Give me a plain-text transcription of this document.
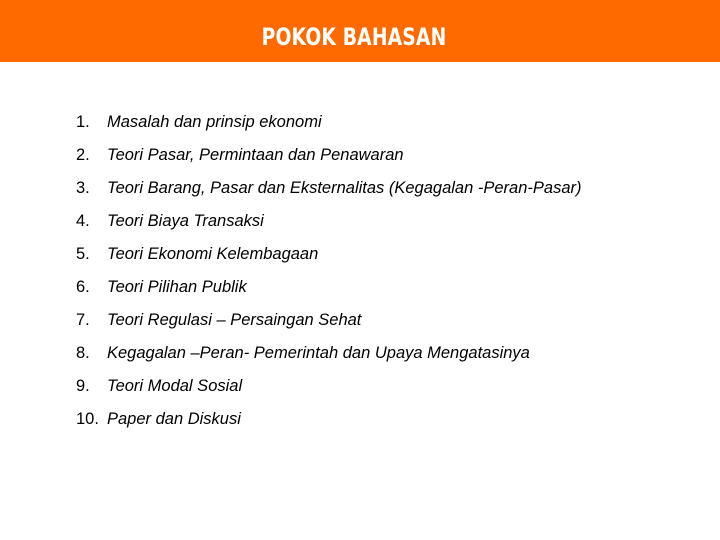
POKOK BAHASAN
1. Masalah dan prinsip ekonomi
2. Teori Pasar, Permintaan dan Penawaran
3. Teori Barang, Pasar dan Eksternalitas (Kegagalan -Peran-Pasar)
4. Teori Biaya Transaksi
5. Teori Ekonomi Kelembagaan
6. Teori Pilihan Publik
7. Teori Regulasi – Persaingan Sehat
8. Kegagalan –Peran- Pemerintah dan Upaya Mengatasinya
9. Teori Modal Sosial
10. Paper dan Diskusi
